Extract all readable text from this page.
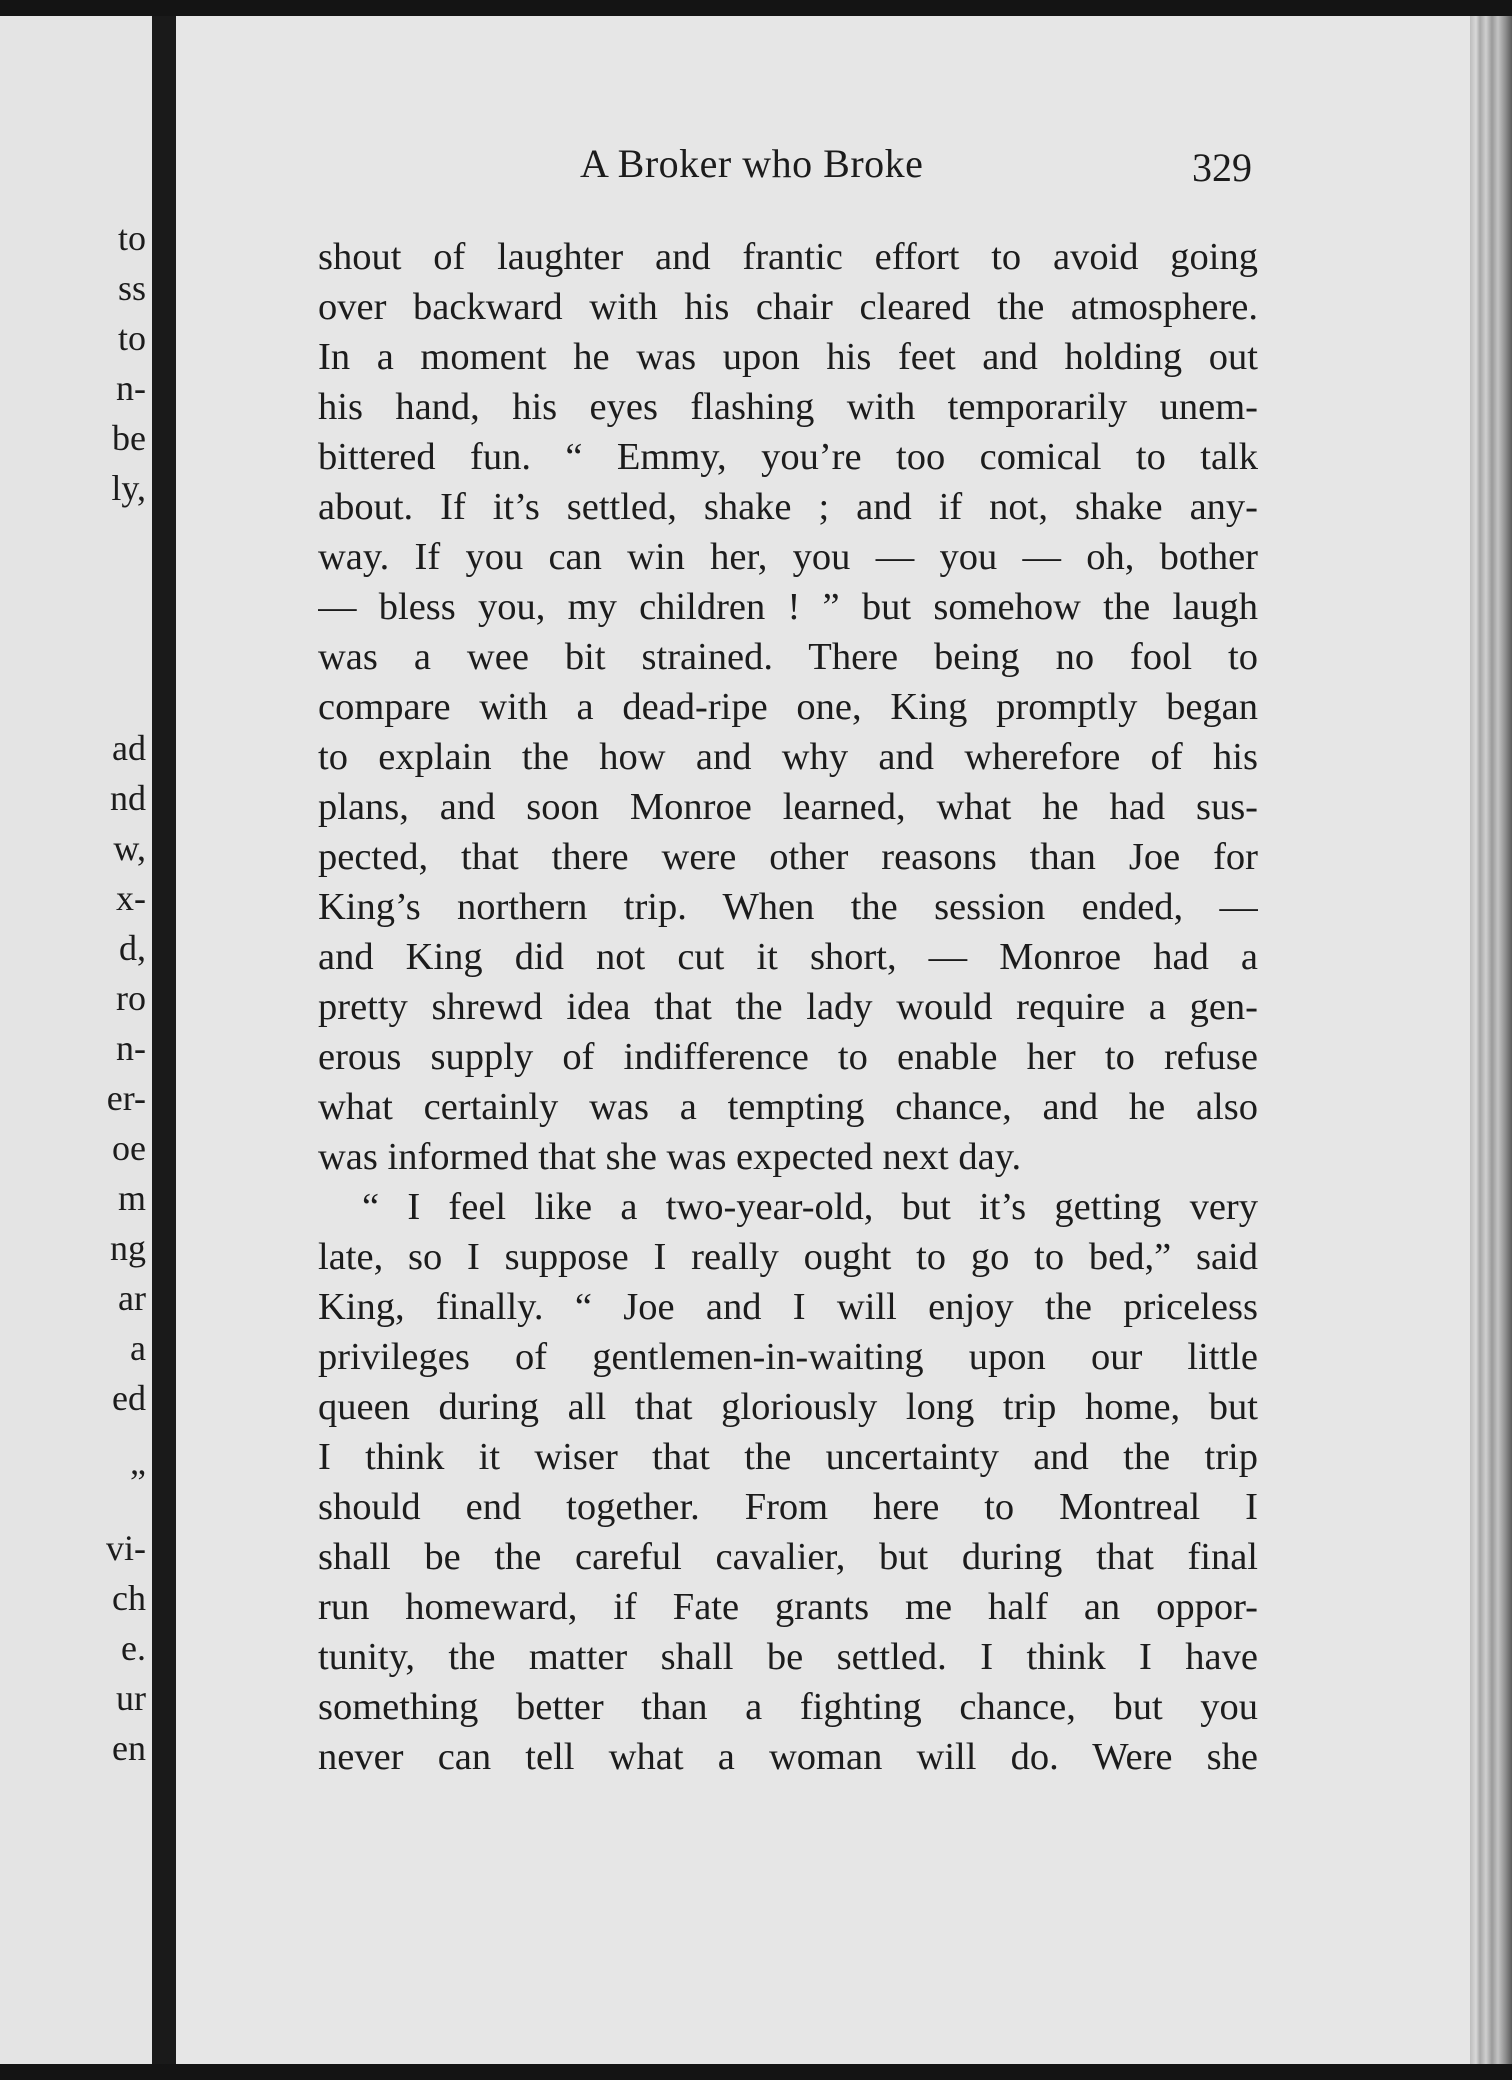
to
ss
to
n-
be
ly,
ad
nd
w,
x-
d,
ro
n-
er-
oe
m
ng
ar
a
ed
”
vi-
ch
e.
ur
en
A Broker who Broke	329
shout of laughter and frantic effort to avoid going
over backward with his chair cleared the atmosphere.
In a moment he was upon his feet and holding out
his hand, his eyes flashing with temporarily unem-
bittered fun. “ Emmy, you’re too comical to talk
about. If it’s settled, shake ; and if not, shake any-
way. If you can win her, you — you — oh, bother
— bless you, my children ! ” but somehow the laugh
was a wee bit strained. There being no fool to
compare with a dead-ripe one, King promptly began
to explain the how and why and wherefore of his
plans, and soon Monroe learned, what he had sus-
pected, that there were other reasons than Joe for
King’s northern trip. When the session ended, —
and King did not cut it short, — Monroe had a
pretty shrewd idea that the lady would require a gen-
erous supply of indifference to enable her to refuse
what certainly was a tempting chance, and he also
was informed that she was expected next day.
“ I feel like a two-year-old, but it’s getting very
late, so I suppose I really ought to go to bed,” said
King, finally. “ Joe and I will enjoy the priceless
privileges of gentlemen-in-waiting upon our little
queen during all that gloriously long trip home, but
I think it wiser that the uncertainty and the trip
should end together. From here to Montreal I
shall be the careful cavalier, but during that final
run homeward, if Fate grants me half an oppor-
tunity, the matter shall be settled. I think I have
something better than a fighting chance, but you
never can tell what a woman will do. Were she
